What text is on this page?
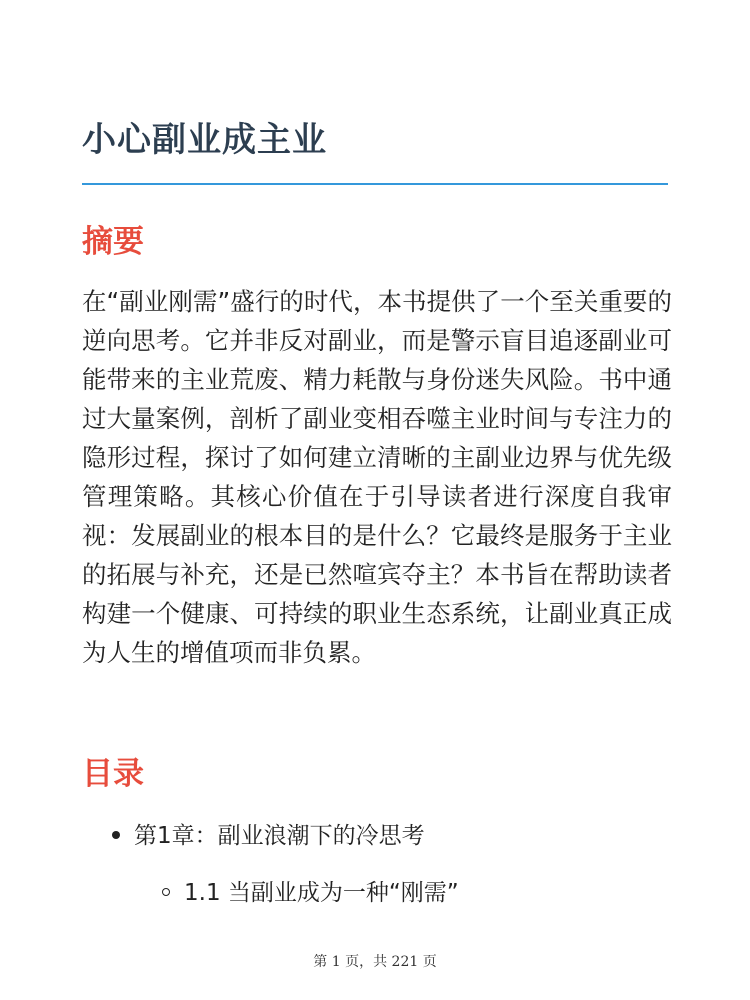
小心副业成主业
摘要

在“副业刚需”盛行的时代，本书提供了一个至关重要的逆向思考。它并非反对副业，而是警示盲目追逐副业可能带来的主业荒废、精力耗散与身份迷失风险。书中通过大量案例，剖析了副业变相吞噬主业时间与专注力的隐形过程，探讨了如何建立清晰的主副业边界与优先级管理策略。其核心价值在于引导读者进行深度自我审视：发展副业的根本目的是什么？它最终是服务于主业的拓展与补充，还是已然喧宾夺主？本书旨在帮助读者构建一个健康、可持续的职业生态系统，让副业真正成为人生的增值项而非负累。

目录
第1章：副业浪潮下的冷思考
1.1 当副业成为一种“刚需”
第 1 页，共 221 页
